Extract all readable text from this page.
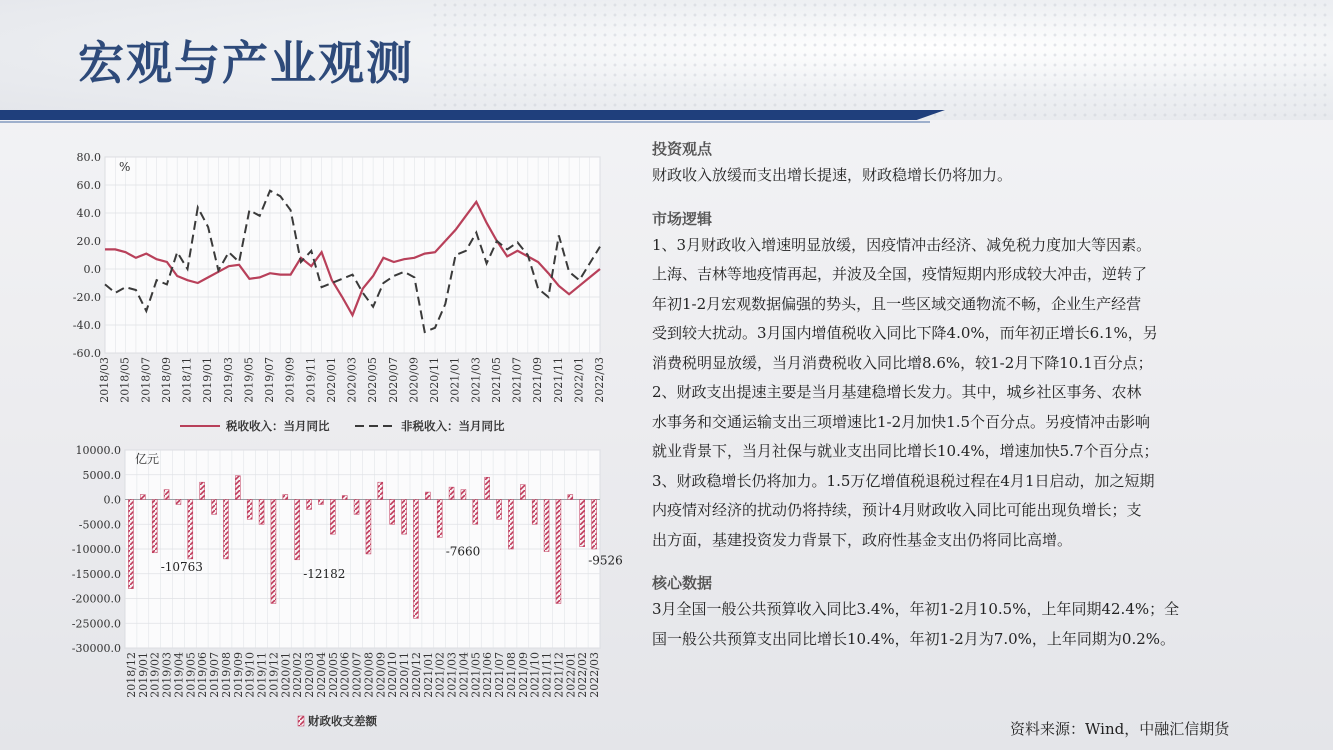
宏观与产业观测
80.0
60.0
40.0
20.0
0.0
-20.0
-40.0
-60.0
%
2018/03 2018/05 2018/07 2018/09 2018/11 2019/01 2019/03 2019/05 2019/07 2019/09 2019/11 2020/01 2020/03 2020/05 2020/07 2020/09 2020/11 2021/01 2021/03 2021/05 2021/07 2021/09 2021/11 2022/01 2022/03
税收收入：当月同比	非税收入：当月同比
10000.0
5000.0
0.0
-5000.0
-10000.0
-15000.0
-20000.0
-25000.0
-30000.0
亿元
2018/12
2019/01
2019/02
2019/03
2019/04
2019/05
2019/06
2019/07
2019/08
2019/09
2019/10
2019/11
2019/12
2020/01
2020/02
2020/03
2020/04
2020/05
2020/06
2020/07
2020/08
2020/09
2020/10
2020/11
2020/12
2021/01
2021/02
2021/03
2021/04
2021/05
2021/06
2021/07
2021/08
2021/09
2021/10
2021/11
2021/12
2022/01
2022/02
2022/03
-10763
-12182
-7660
-9526
财政收支差额
投资观点
财政收入放缓而支出增长提速，财政稳增长仍将加力。
市场逻辑
1、3月财政收入增速明显放缓，因疫情冲击经济、减免税力度加大等因素。
上海、吉林等地疫情再起，并波及全国，疫情短期内形成较大冲击，逆转了
年初1-2月宏观数据偏强的势头，且一些区域交通物流不畅，企业生产经营
受到较大扰动。3月国内增值税收入同比下降4.0%，而年初正增长6.1%，另
消费税明显放缓，当月消费税收入同比增8.6%，较1-2月下降10.1百分点；
2、财政支出提速主要是当月基建稳增长发力。其中，城乡社区事务、农林
水事务和交通运输支出三项增速比1-2月加快1.5个百分点。另疫情冲击影响
就业背景下，当月社保与就业支出同比增长10.4%，增速加快5.7个百分点；
3、财政稳增长仍将加力。1.5万亿增值税退税过程在4月1日启动，加之短期
内疫情对经济的扰动仍将持续，预计4月财政收入同比可能出现负增长；支
出方面，基建投资发力背景下，政府性基金支出仍将同比高增。
核心数据
3月全国一般公共预算收入同比3.4%，年初1-2月10.5%，上年同期42.4%；全
国一般公共预算支出同比增长10.4%，年初1-2月为7.0%，上年同期为0.2%。
资料来源：Wind，中融汇信期货
